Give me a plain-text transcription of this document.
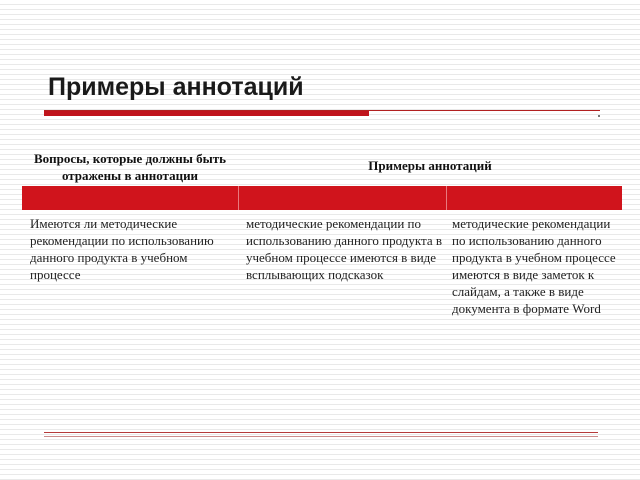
Примеры аннотаций
Вопросы, которые должны быть отражены в аннотации
Примеры аннотаций
Имеются ли методические рекомендации по использованию данного продукта в учебном процессе
методические рекомендации по использованию данного продукта в учебном процессе имеются в виде всплывающих подсказок
методические рекомендации по использованию данного продукта в учебном процессе имеются в виде заметок к слайдам, а также в виде документа в формате Word
